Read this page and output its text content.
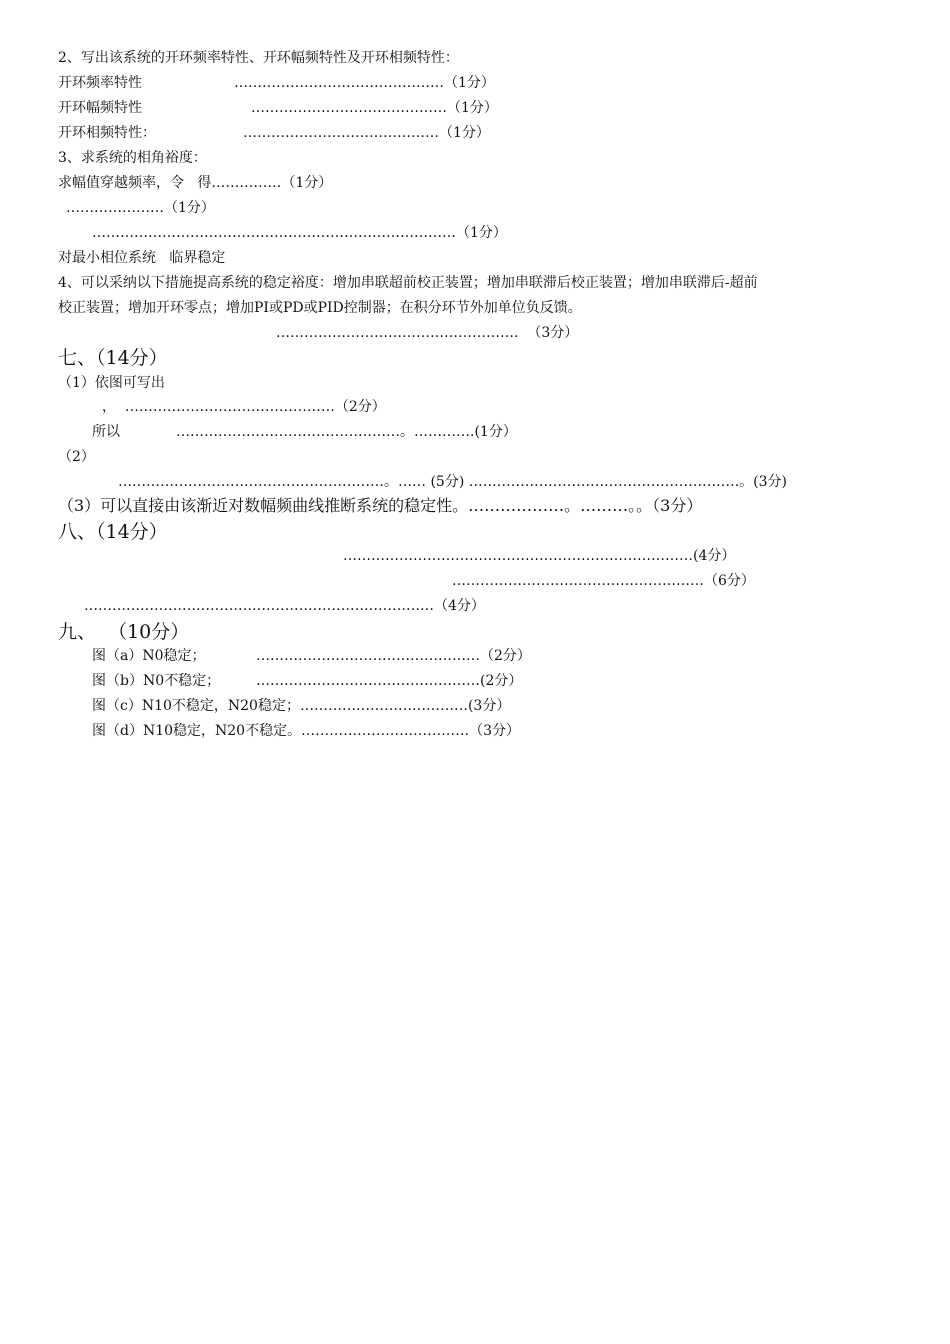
2、写出该系统的开环频率特性、开环幅频特性及开环相频特性：
开环频率特性	………………………………………（1分）
开环幅频特性	……………………………………（1分）
开环相频特性：	……………………………………（1分）
3、求系统的相角裕度：
求幅值穿越频率，令   得……………（1分）
…………………（1分）
……………………………………………………………………（1分）
对最小相位系统   临界稳定
4、可以采纳以下措施提高系统的稳定裕度：增加串联超前校正装置；增加串联滞后校正装置；增加串联滞后-超前
校正装置；增加开环零点；增加PI或PD或PID控制器；在积分环节外加单位负反馈。
…………………………………………….  （3分）
七、（14分）
（1）依图可写出
，  ………………………………………（2分）
所以	…………………………………………。………….(1分）
（2）
…………………………………………………。…… (5分) ………………………………………………….。(3分)
（3）可以直接由该渐近对数幅频曲线推断系统的稳定性。………………。………。。（3分）
八、（14分）
…………………………………………………………………(4分）
………………………………………………（6分）
…………………………………………………………………（4分）
九、  （10分）
图（a）N0稳定；	…………………………………………（2分）
图（b）N0不稳定；	…………………………………………(2分）
图（c）N10不稳定，N20稳定；………………………………(3分）
图（d）N10稳定，N20不稳定。………………………………（3分）
